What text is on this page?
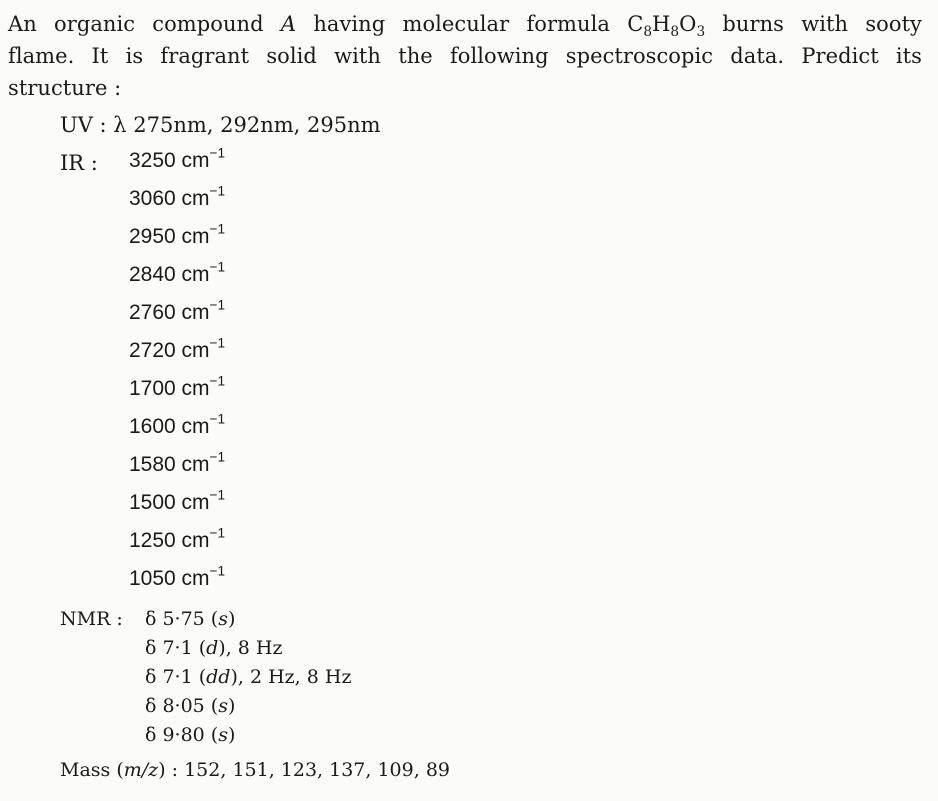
An organic compound A having molecular formula $C_8H_8O_3$ burns with sooty
flame. It is fragrant solid with the following spectroscopic data. Predict its
structure :
UV : λ 275nm, 292nm, 295nm
IR : 3250 $cm^{-1}$
3060 $cm^{-1}$
2950 $cm^{-1}$
2840 $cm^{-1}$
2760 $cm^{-1}$
2720 $cm^{-1}$
1700 $cm^{-1}$
1600 $cm^{-1}$
1580 $cm^{-1}$
1500 $cm^{-1}$
1250 $cm^{-1}$
1050 $cm^{-1}$
NMR : δ 5·75 (s)
δ 7·1 (d), 8 Hz
δ 7·1 (dd), 2 Hz, 8 Hz
δ 8·05 (s)
δ 9·80 (s)
Mass (m/z) : 152, 151, 123, 137, 109, 89
